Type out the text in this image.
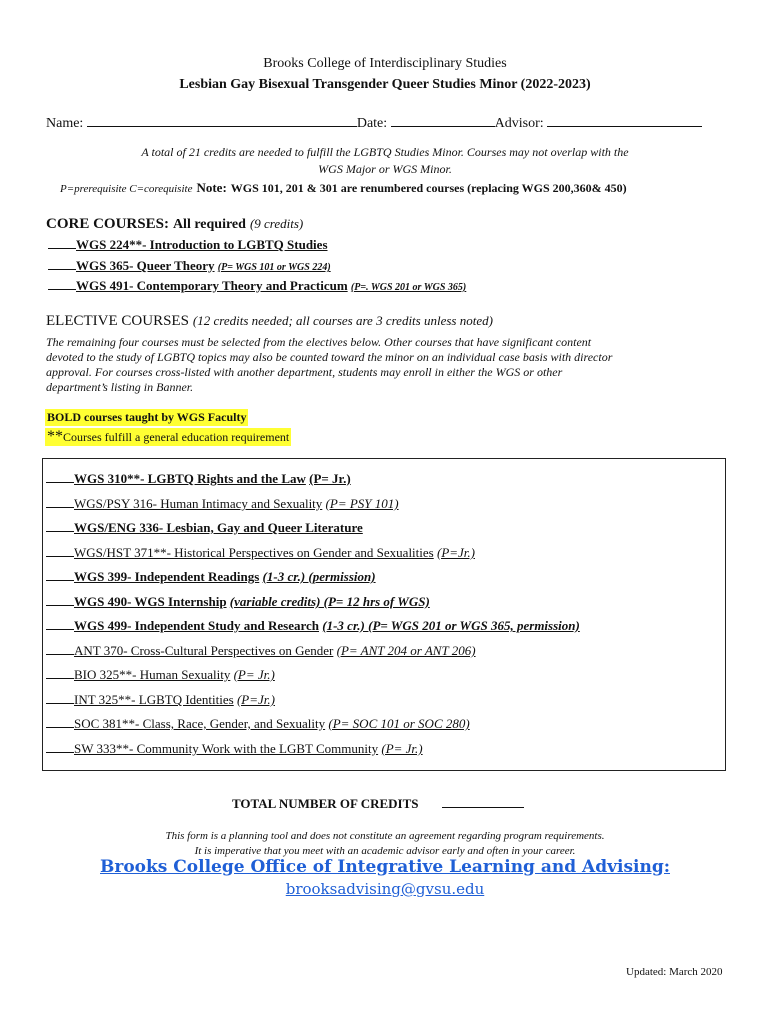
Brooks College of Interdisciplinary Studies
Lesbian Gay Bisexual Transgender Queer Studies Minor (2022-2023)
Name:	Date:	Advisor:
A total of 21 credits are needed to fulfill the LGBTQ Studies Minor. Courses may not overlap with the
WGS Major or WGS Minor.
P=prerequisite C=corequisite Note: WGS 101, 201 & 301 are renumbered courses (replacing WGS 200,360& 450)
CORE COURSES: All required (9 credits)
WGS 224**- Introduction to LGBTQ Studies
WGS 365- Queer Theory (P= WGS 101 or WGS 224)
WGS 491- Contemporary Theory and Practicum (P=. WGS 201 or WGS 365)
ELECTIVE COURSES (12 credits needed; all courses are 3 credits unless noted)
The remaining four courses must be selected from the electives below. Other courses that have significant content
devoted to the study of LGBTQ topics may also be counted toward the minor on an individual case basis with director
approval. For courses cross-listed with another department, students may enroll in either the WGS or other
department’s listing in Banner.
BOLD courses taught by WGS Faculty
**Courses fulfill a general education requirement
WGS 310**- LGBTQ Rights and the Law (P= Jr.)
WGS/PSY 316- Human Intimacy and Sexuality (P= PSY 101)
WGS/ENG 336- Lesbian, Gay and Queer Literature
WGS/HST 371**- Historical Perspectives on Gender and Sexualities (P=Jr.)
WGS 399- Independent Readings (1-3 cr.) (permission)
WGS 490- WGS Internship (variable credits) (P= 12 hrs of WGS)
WGS 499- Independent Study and Research (1-3 cr.) (P= WGS 201 or WGS 365, permission)
ANT 370- Cross-Cultural Perspectives on Gender (P= ANT 204 or ANT 206)
BIO 325**- Human Sexuality (P= Jr.)
INT 325**- LGBTQ Identities (P=Jr.)
SOC 381**- Class, Race, Gender, and Sexuality (P= SOC 101 or SOC 280)
SW 333**- Community Work with the LGBT Community (P= Jr.)
TOTAL NUMBER OF CREDITS
This form is a planning tool and does not constitute an agreement regarding program requirements.
It is imperative that you meet with an academic advisor early and often in your career.
Brooks College Office of Integrative Learning and Advising:
brooksadvising@gvsu.edu
Updated: March 2020
